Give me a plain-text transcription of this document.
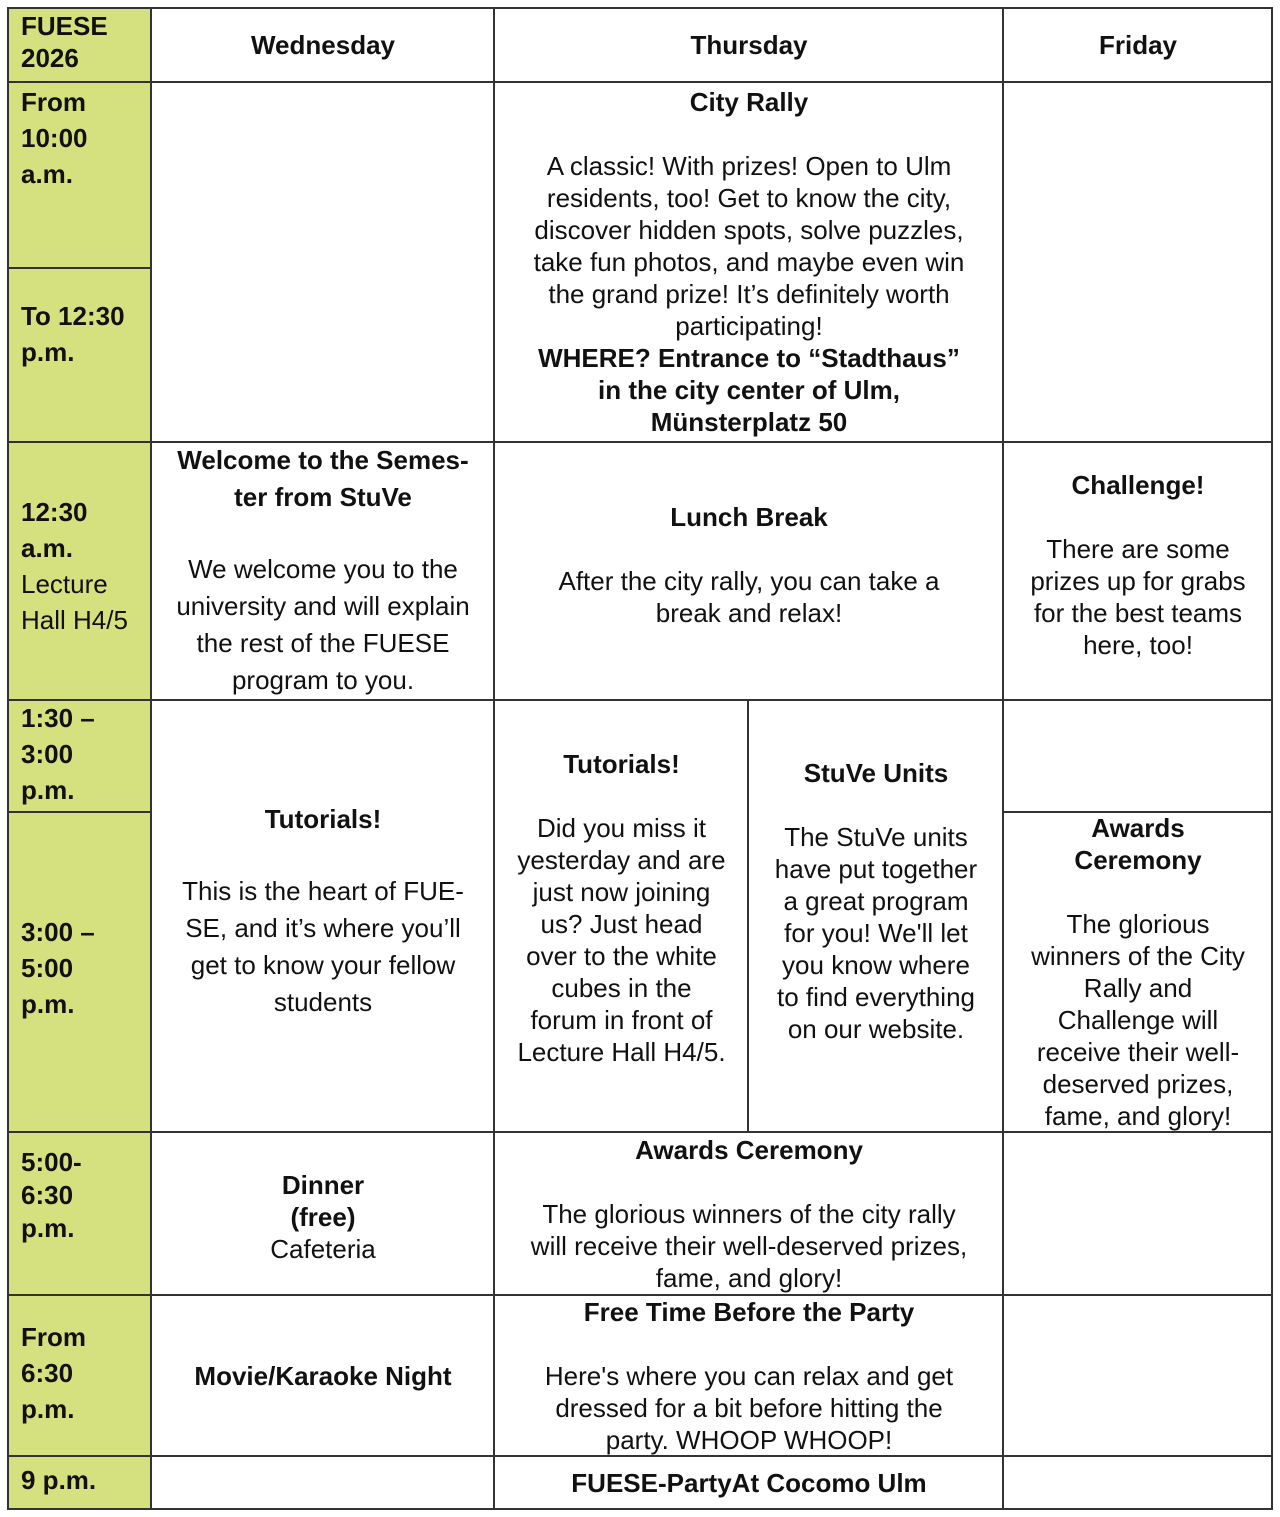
FUESE
2026
From
10:00
a.m.
To 12:30
p.m.
12:30
a.m.
Lecture
Hall H4/5
1:30 –
3:00
p.m.
3:00 –
5:00
p.m.
5:00-
6:30
p.m.
From
6:30
p.m.
9 p.m.
Wednesday	Thursday	Friday
City Rally
A classic! With prizes! Open to Ulm
residents, too! Get to know the city,
discover hidden spots, solve puzzles,
take fun photos, and maybe even win
the grand prize! It’s definitely worth
participating!
WHERE? Entrance to “Stadthaus”
in the city center of Ulm,
Münsterplatz 50
Welcome to the Semes-
ter from StuVe
We welcome you to the
university and will explain
the rest of the FUESE
program to you.
Lunch Break
After the city rally, you can take a
break and relax!
Challenge!
There are some
prizes up for grabs
for the best teams
here, too!
Tutorials!
This is the heart of FUE-
SE, and it’s where you’ll
get to know your fellow
students
Tutorials!
Did you miss it
yesterday and are
just now joining
us? Just head
over to the white
cubes in the
forum in front of
Lecture Hall H4/5.
StuVe Units
The StuVe units
have put together
a great program
for you! We'll let
you know where
to find everything
on our website.
Awards
Ceremony
The glorious
winners of the City
Rally and
Challenge will
receive their well-
deserved prizes,
fame, and glory!
Dinner
(free)
Cafeteria
Awards Ceremony
The glorious winners of the city rally
will receive their well-deserved prizes,
fame, and glory!
Movie/Karaoke Night
Free Time Before the Party
Here's where you can relax and get
dressed for a bit before hitting the
party. WHOOP WHOOP!
FUESE-PartyAt Cocomo Ulm
